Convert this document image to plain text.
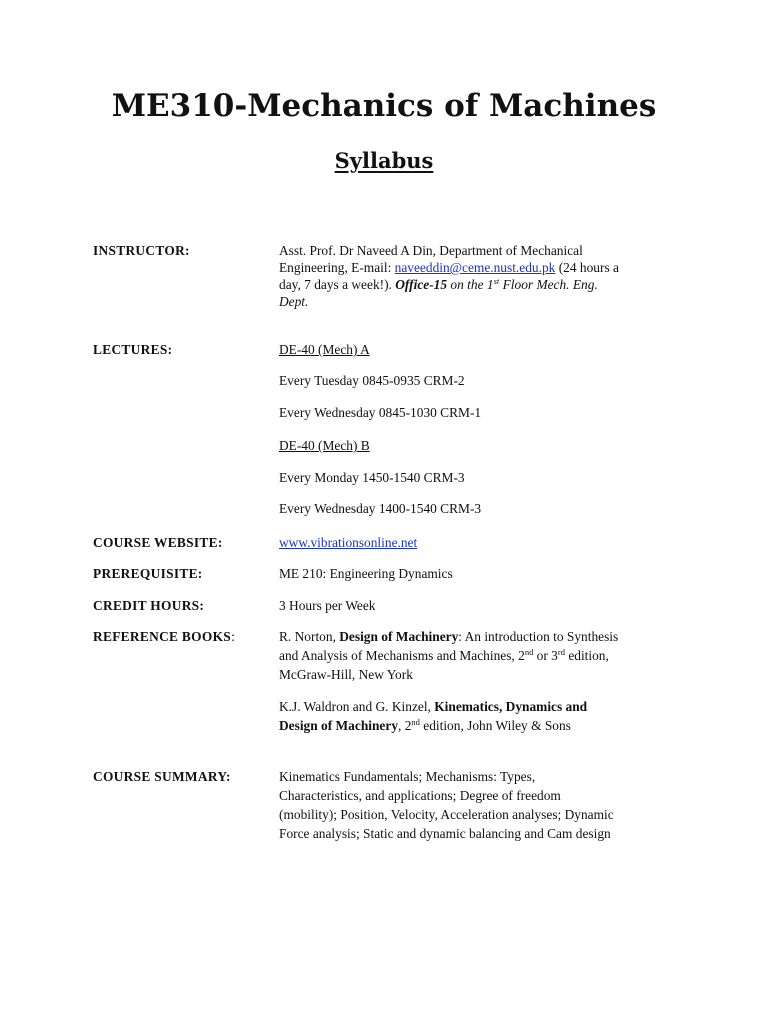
ME310-Mechanics of Machines
Syllabus
INSTRUCTOR:	Asst. Prof. Dr Naveed A Din, Department of Mechanical
Engineering, E-mail: naveeddin@ceme.nust.edu.pk (24 hours a
day, 7 days a week!). Office-15 on the 1st Floor Mech. Eng.
Dept.
LECTURES:	DE-40 (Mech) A
Every Tuesday 0845-0935 CRM-2
Every Wednesday 0845-1030 CRM-1
DE-40 (Mech) B
Every Monday 1450-1540 CRM-3
Every Wednesday 1400-1540 CRM-3
COURSE WEBSITE:	www.vibrationsonline.net
PREREQUISITE:	ME 210: Engineering Dynamics
CREDIT HOURS:	3 Hours per Week
REFERENCE BOOKS:	R. Norton, Design of Machinery: An introduction to Synthesis
and Analysis of Mechanisms and Machines, 2nd or 3rd edition,
McGraw-Hill, New York
K.J. Waldron and G. Kinzel, Kinematics, Dynamics and
Design of Machinery, 2nd edition, John Wiley & Sons
COURSE SUMMARY:	Kinematics Fundamentals; Mechanisms: Types,
Characteristics, and applications; Degree of freedom
(mobility); Position, Velocity, Acceleration analyses; Dynamic
Force analysis; Static and dynamic balancing and Cam design
